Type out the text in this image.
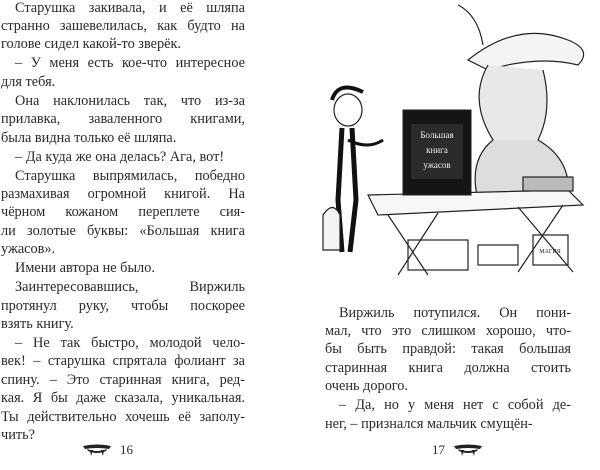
Старушка закивала, и её шляпа
странно зашевелилась, как будто на
голове сидел какой-то зверёк.
– У меня есть кое-что интересное
для тебя.
Она наклонилась так, что из-за
прилавка, заваленного книгами,
была видна только её шляпа.
– Да куда же она делась? Ага, вот!
Старушка выпрямилась, победно
размахивая огромной книгой. На
чёрном кожаном переплете сия-
ли золотые буквы: «Большая книга
ужасов».
Имени автора не было.
Заинтересовавшись, Виржиль
протянул руку, чтобы поскорее
взять книгу.
– Не так быстро, молодой чело-
век! – старушка спрятала фолиант за
спину. – Это старинная книга, ред-
кая. Я бы даже сказала, уникальная.
Ты действительно хочешь её заполу-
чить?
Виржиль потупился. Он пони-
мал, что это слишком хорошо, что-
бы быть правдой: такая большая
старинная книга должна стоить
очень дорого.
– Да, но у меня нет с собой де-
нег, – признался мальчик смущён-
16	17
Большая
книга
ужасов
МАГИЯ
